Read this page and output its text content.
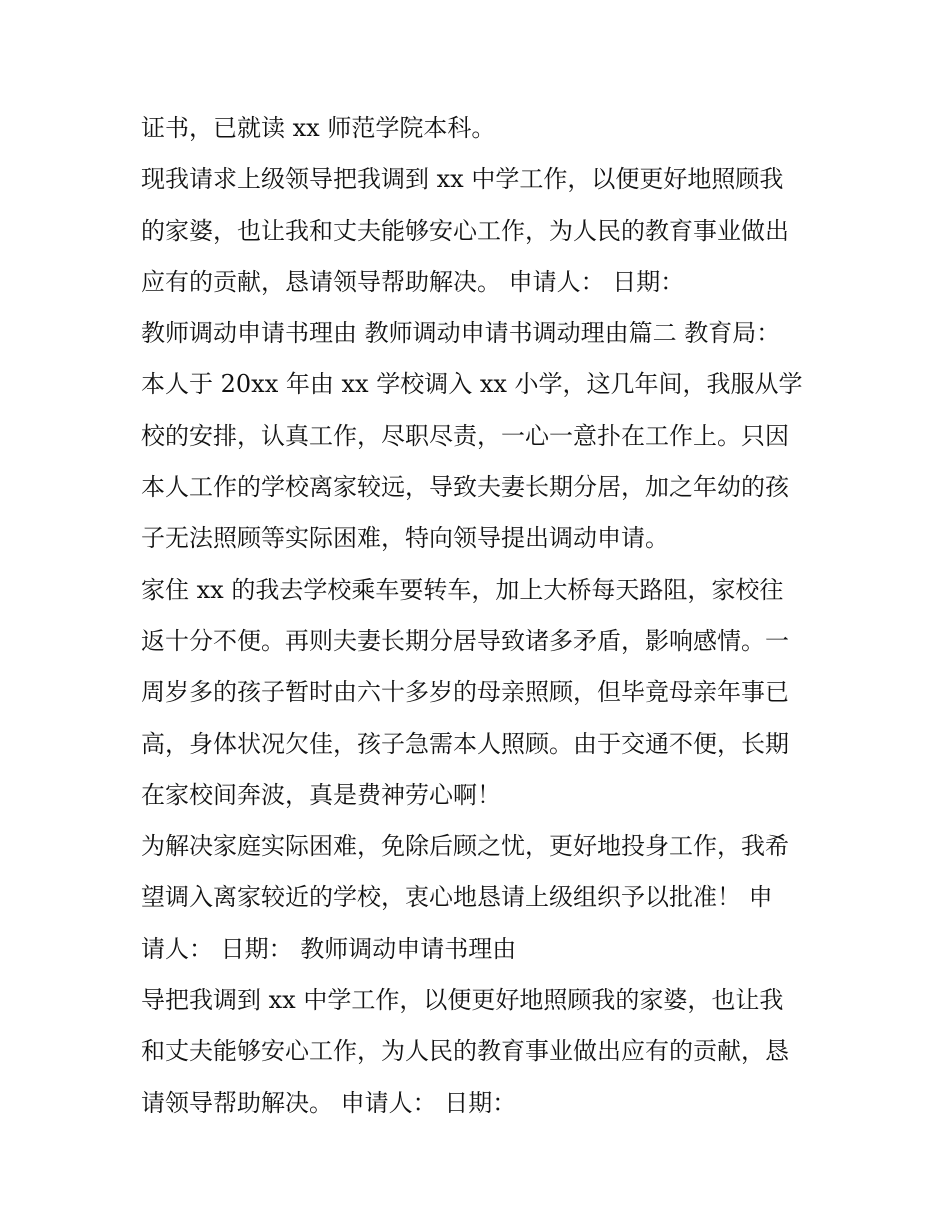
证书，已就读 xx 师范学院本科。
现我请求上级领导把我调到 xx 中学工作，以便更好地照顾我
的家婆，也让我和丈夫能够安心工作，为人民的教育事业做出
应有的贡献，恳请领导帮助解决。 申请人： 日期：
教师调动申请书理由 教师调动申请书调动理由篇二 教育局：
本人于 20xx 年由 xx 学校调入 xx 小学，这几年间，我服从学
校的安排，认真工作，尽职尽责，一心一意扑在工作上。只因
本人工作的学校离家较远，导致夫妻长期分居，加之年幼的孩
子无法照顾等实际困难，特向领导提出调动申请。
家住 xx 的我去学校乘车要转车，加上大桥每天路阻，家校往
返十分不便。再则夫妻长期分居导致诸多矛盾，影响感情。一
周岁多的孩子暂时由六十多岁的母亲照顾，但毕竟母亲年事已
高，身体状况欠佳，孩子急需本人照顾。由于交通不便，长期
在家校间奔波，真是费神劳心啊！
为解决家庭实际困难，免除后顾之忧，更好地投身工作，我希
望调入离家较近的学校，衷心地恳请上级组织予以批准！ 申
请人： 日期： 教师调动申请书理由
导把我调到 xx 中学工作，以便更好地照顾我的家婆，也让我
和丈夫能够安心工作，为人民的教育事业做出应有的贡献，恳
请领导帮助解决。 申请人： 日期：
